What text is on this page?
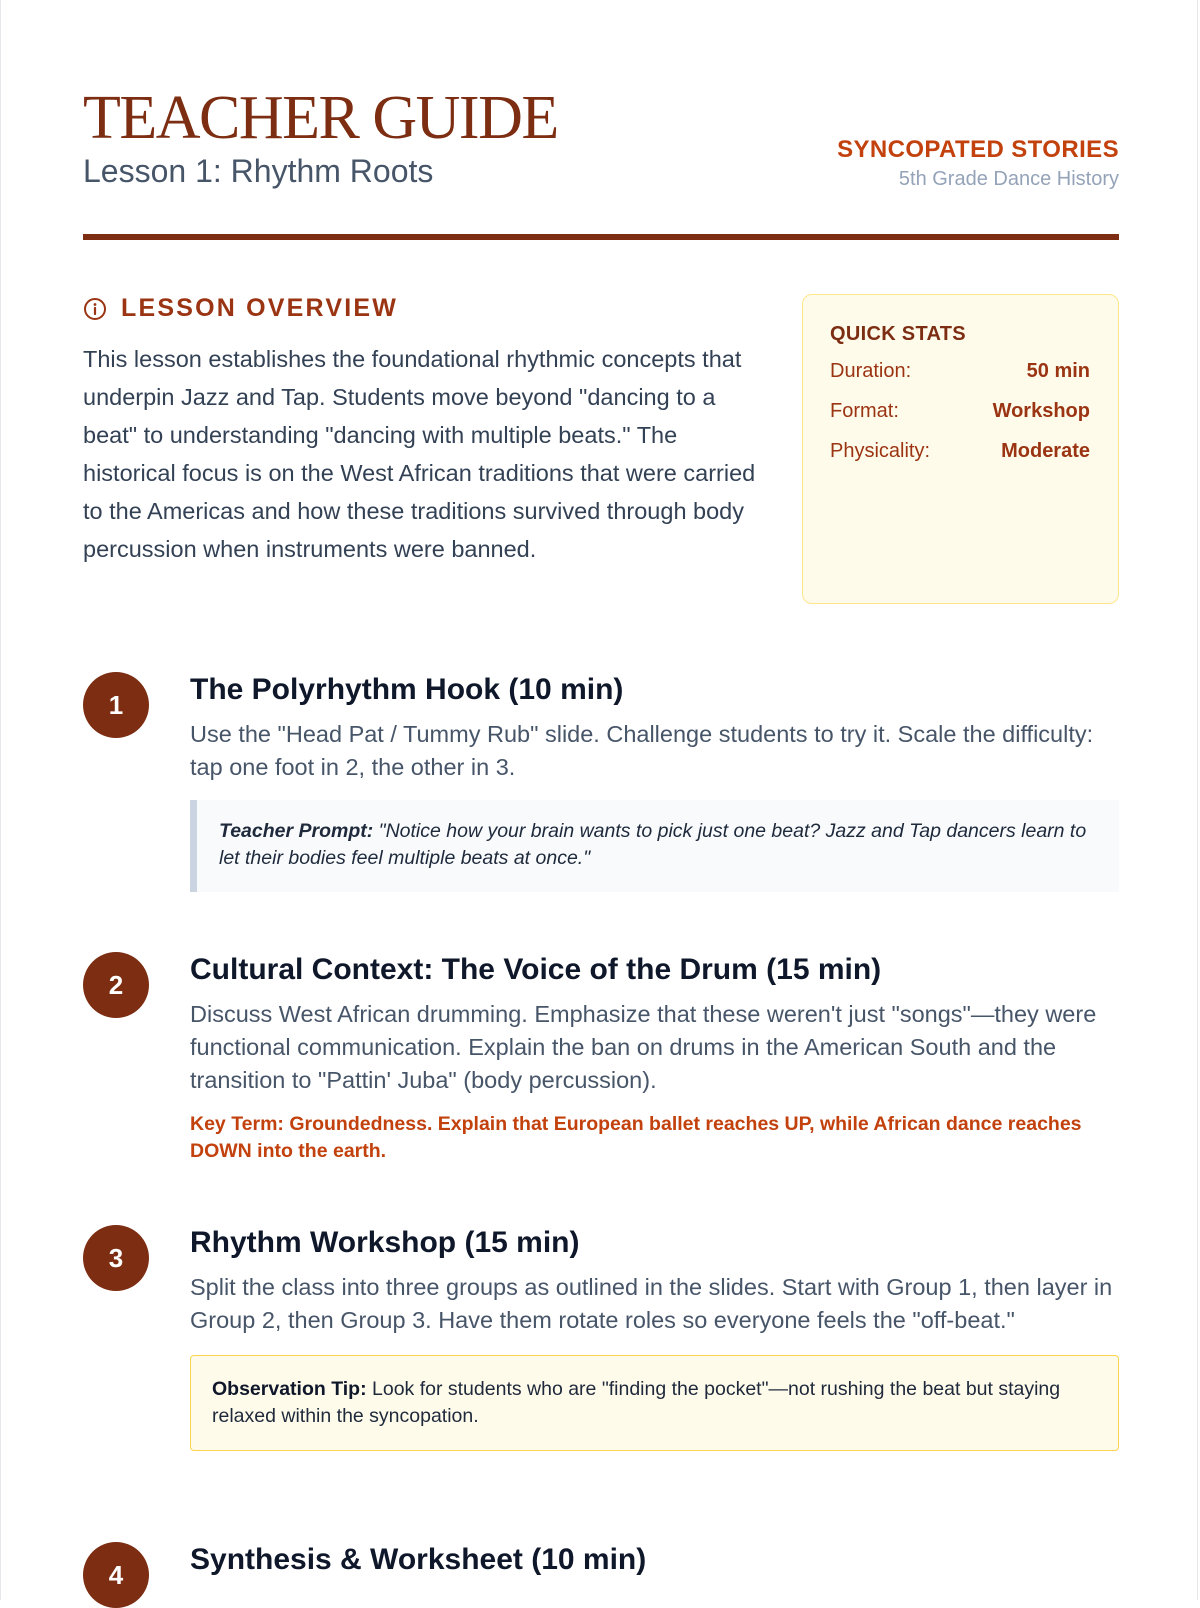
TEACHER GUIDE
Lesson 1: Rhythm Roots
SYNCOPATED STORIES
5th Grade Dance History
LESSON OVERVIEW

This lesson establishes the foundational rhythmic concepts that underpin Jazz and Tap. Students move beyond "dancing to a beat" to understanding "dancing with multiple beats." The historical focus is on the West African traditions that were carried to the Americas and how these traditions survived through body percussion when instruments were banned.

QUICK STATS
Duration:	50 min
Format:	Workshop
Physicality:	Moderate
1	The Polyrhythm Hook (10 min)

Use the "Head Pat / Tummy Rub" slide. Challenge students to try it. Scale the difficulty: tap one foot in 2, the other in 3.

Teacher Prompt: "Notice how your brain wants to pick just one beat? Jazz and Tap dancers learn to let their bodies feel multiple beats at once."
2	Cultural Context: The Voice of the Drum (15 min)

Discuss West African drumming. Emphasize that these weren't just "songs"—they were functional communication. Explain the ban on drums in the American South and the transition to "Pattin' Juba" (body percussion).

Key Term: Groundedness. Explain that European ballet reaches UP, while African dance reaches DOWN into the earth.
3	Rhythm Workshop (15 min)

Split the class into three groups as outlined in the slides. Start with Group 1, then layer in Group 2, then Group 3. Have them rotate roles so everyone feels the "off-beat."

Observation Tip: Look for students who are "finding the pocket"—not rushing the beat but staying relaxed within the syncopation.
4	Synthesis & Worksheet (10 min)
